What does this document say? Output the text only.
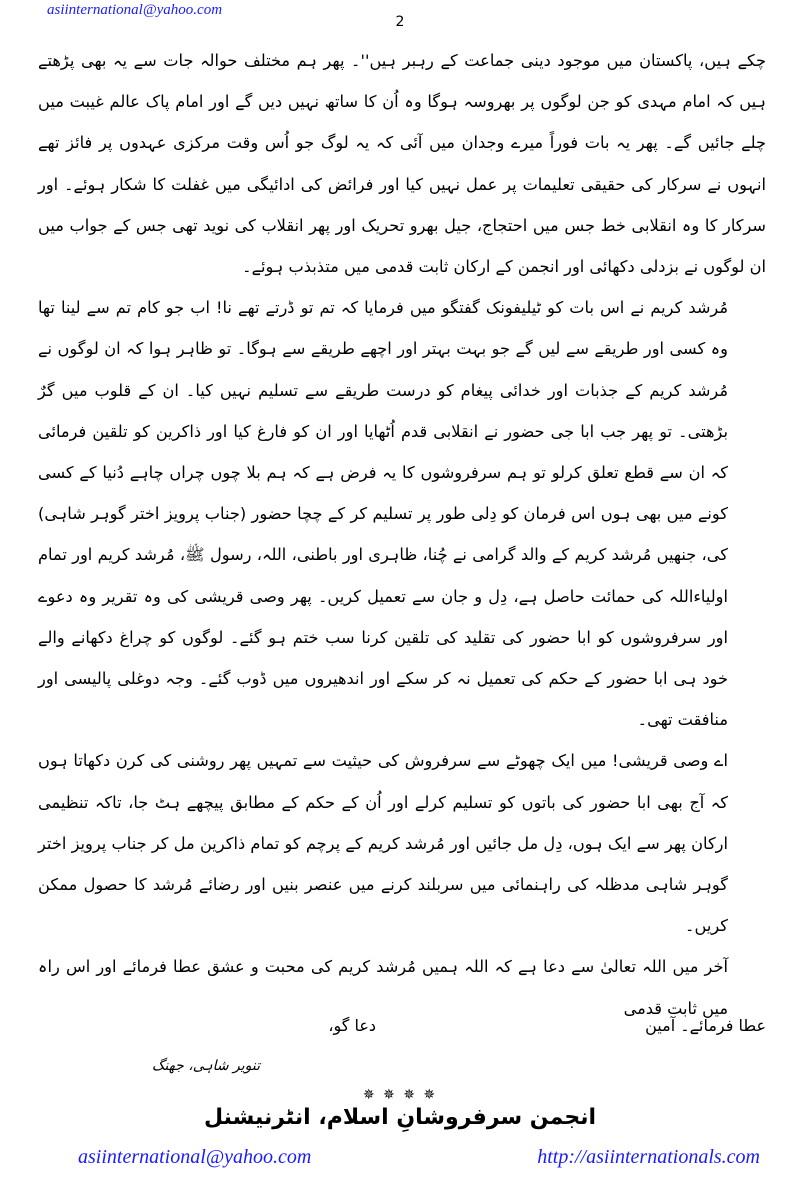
asiinternational@yahoo.com
2

چکے ہیں، پاکستان میں موجود دینی جماعت کے رہبر ہیں''۔ پھر ہم مختلف حوالہ جات سے یہ بھی پڑھتے ہیں کہ امام مہدی کو جن لوگوں پر بھروسہ ہوگا وہ اُن کا ساتھ نہیں دیں گے اور امام پاک عالم غیبت میں چلے جائیں گے۔ پھر یہ بات فوراً میرے وجدان میں آئی کہ یہ لوگ جو اُس وقت مرکزی عہدوں پر فائز تھے انہوں نے سرکار کی حقیقی تعلیمات پر عمل نہیں کیا اور فرائض کی ادائیگی میں غفلت کا شکار ہوئے۔ اور سرکار کا وہ انقلابی خط جس میں احتجاج، جیل بھرو تحریک اور پھر انقلاب کی نوید تھی جس کے جواب میں ان لوگوں نے بزدلی دکھائی اور انجمن کے ارکان ثابت قدمی میں متذبذب ہوئے۔

مُرشد کریم نے اس بات کو ٹیلیفونک گفتگو میں فرمایا کہ تم تو ڈرتے تھے نا! اب جو کام تم سے لینا تھا وہ کسی اور طریقے سے لیں گے جو بہت بہتر اور اچھے طریقے سے ہوگا۔ تو ظاہر ہوا کہ ان لوگوں نے مُرشد کریم کے جذبات اور خدائی پیغام کو درست طریقے سے تسلیم نہیں کیا۔ ان کے قلوب میں گرٌ بڑھتی۔ تو پھر جب ابا جی حضور نے انقلابی قدم اُٹھایا اور ان کو فارغ کیا اور ذاکرین کو تلقین فرمائی کہ ان سے قطع تعلق کرلو تو ہم سرفروشوں کا یہ فرض ہے کہ ہم بلا چوں چراں چاہے دُنیا کے کسی کونے میں بھی ہوں اس فرمان کو دِلی طور پر تسلیم کر کے چچا حضور (جناب پرویز اختر گوہر شاہی) کی، جنھیں مُرشد کریم کے والد گرامی نے چُنا، ظاہری اور باطنی، اللہ، رسول ﷺ، مُرشد کریم اور تمام اولیاءاللہ کی حمائت حاصل ہے، دِل و جان سے تعمیل کریں۔ پھر وصی قریشی کی وہ تقریر وہ دعوے اور سرفروشوں کو ابا حضور کی تقلید کی تلقین کرنا سب ختم ہو گئے۔ لوگوں کو چراغ دکھانے والے خود ہی ابا حضور کے حکم کی تعمیل نہ کر سکے اور اندھیروں میں ڈوب گئے۔ وجہ دوغلی پالیسی اور منافقت تھی۔

اے وصی قریشی! میں ایک چھوٹے سے سرفروش کی حیثیت سے تمہیں پھر روشنی کی کرن دکھاتا ہوں کہ آج بھی ابا حضور کی باتوں کو تسلیم کرلے اور اُن کے حکم کے مطابق پیچھے ہٹ جا، تاکہ تنظیمی ارکان پھر سے ایک ہوں، دِل مل جائیں اور مُرشد کریم کے پرچم کو تمام ذاکرین مل کر جناب پرویز اختر گوہر شاہی مدظلہ کی راہنمائی میں سربلند کرنے میں عنصر بنیں اور رضائے مُرشد کا حصول ممکن کریں۔

آخر میں اللہ تعالیٰ سے دعا ہے کہ اللہ ہمیں مُرشد کریم کی محبت و عشق عطا فرمائے اور اس راہ میں ثابت قدمی

عطا فرمائے۔ آمین
دعا گو،
تنویر شاہی، جھنگ
✵ ✵ ✵ ✵
انجمن سرفروشانِ اسلام، انٹرنیشنل
asiinternational@yahoo.com	http://asiinternationals.com
